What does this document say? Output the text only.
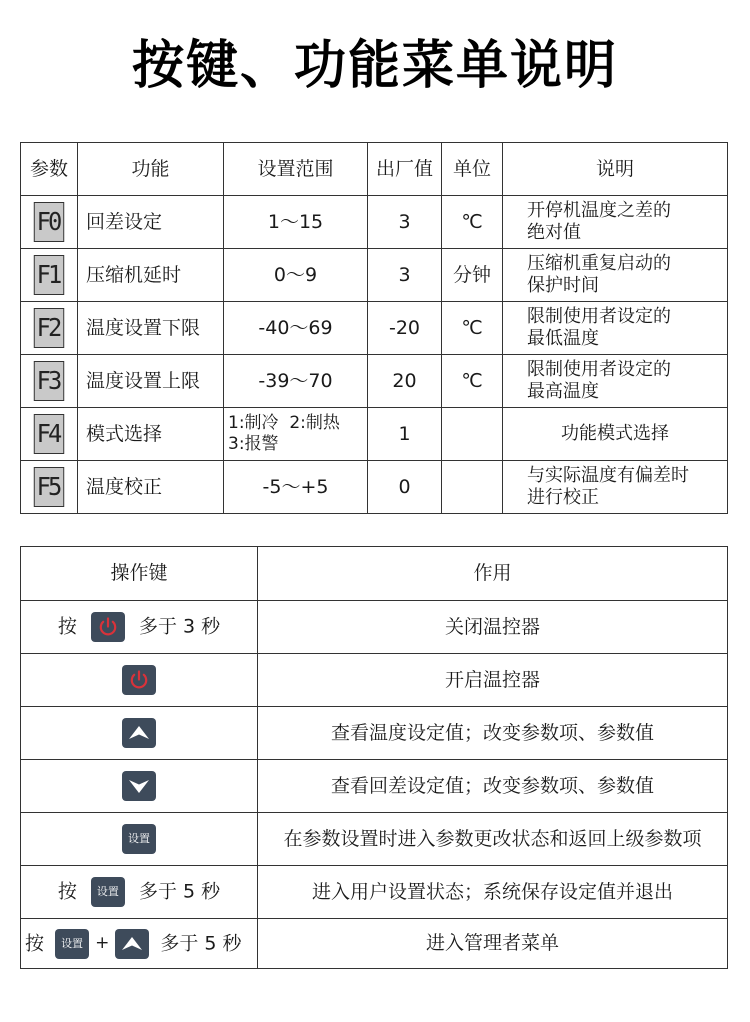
按键、功能菜单说明
参数	功能	设置范围	出厂值	单位	说明
F0	回差设定	1～15	3	℃	开停机温度之差的
绝对值
F1	压缩机延时	0～9	3	分钟	压缩机重复启动的
保护时间
F2	温度设置下限	-40～69	-20	℃	限制使用者设定的
最低温度
F3	温度设置上限	-39～70	20	℃	限制使用者设定的
最高温度
F4	模式选择	1:制冷  2:制热
3:报警	1		功能模式选择
F5	温度校正	-5～+5	0		与实际温度有偏差时
进行校正
操作键	作用
按 多于 3 秒	关闭温控器

	开启温控器

	查看温度设定值；改变参数项、参数值

	查看回差设定值；改变参数项、参数值

设置	在参数设置时进入参数更改状态和返回上级参数项
按 设置 多于 5 秒	进入用户设置状态；系统保存设定值并退出
按 设置 + 多于 5 秒	进入管理者菜单
